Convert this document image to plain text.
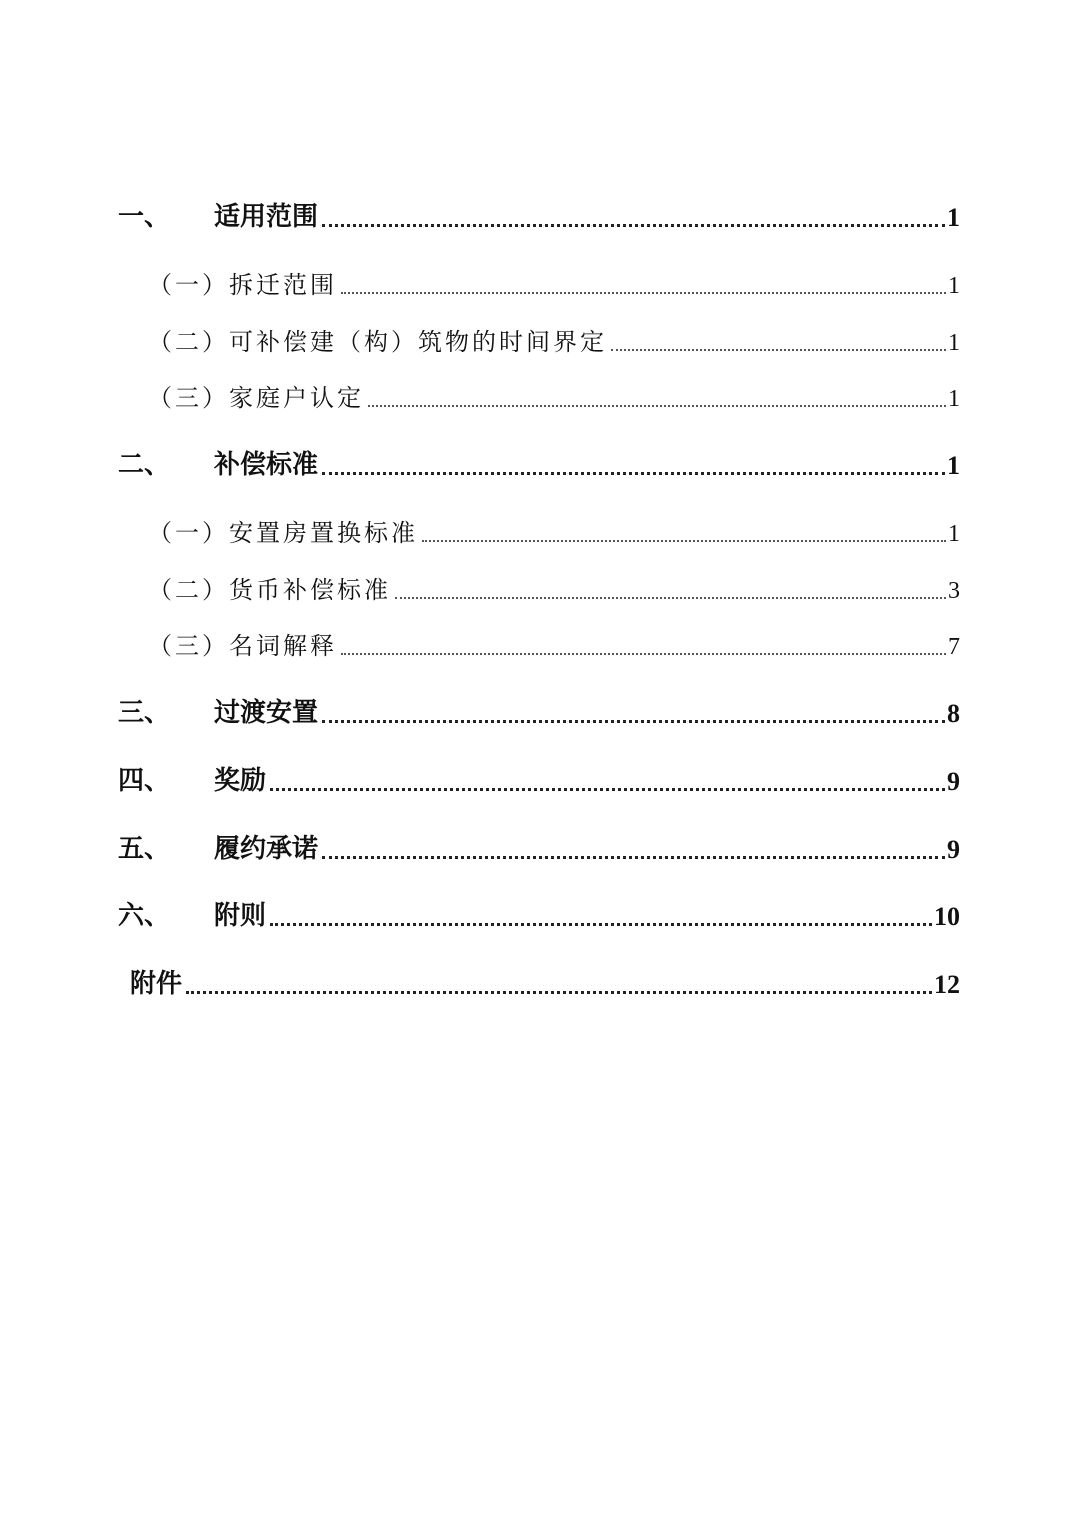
一、	适用范围	1
（一） 拆迁范围	1
（二） 可补偿建（构）筑物的时间界定	1
（三） 家庭户认定	1
二、	补偿标准	1
（一） 安置房置换标准	1
（二） 货币补偿标准	3
（三） 名词解释	7
三、	过渡安置	8
四、	奖励	9
五、	履约承诺	9
六、	附则	10
附件	12
